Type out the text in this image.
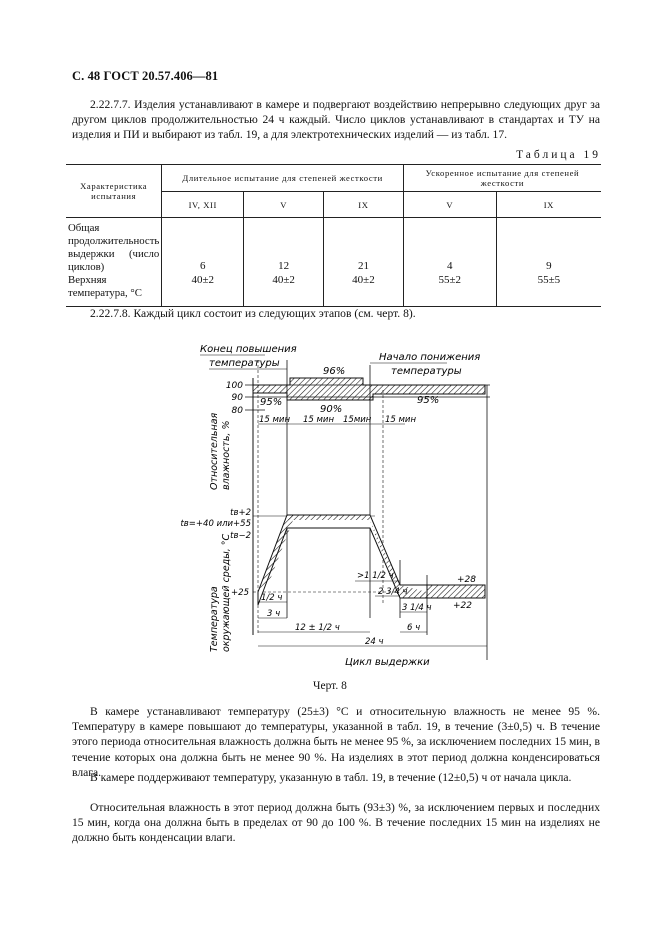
С. 48 ГОСТ 20.57.406—81

2.22.7.7. Изделия устанавливают в камере и подвергают воздействию непрерывно следующих друг за другом циклов продолжительностью 24 ч каждый. Число циклов устанавливают в стандартах и ТУ на изделия и ПИ и выбирают из табл. 19, а для электротехнических изделий — из табл. 17.

Таблица 19
Характеристика испытания	Длительное испытание для степеней жесткости			Ускоренное испытание для степеней жесткости	
	IV, XII	V	IX	V	IX
Общая продолжительность выдержки (число циклов)	6	12	21	4	9
Верхняя температура, °С	40±2	40±2	40±2	55±2	55±5

2.22.7.8. Каждый цикл состоит из следующих этапов (см. черт. 8).

100
90
80
96%
95%
90%
95%
15 мин 15 мин 15мин 15 мин
Конец повышения
температуры
Начало понижения
температуры
Относительная влажность, %
Температура окружающей среды, °С
tв+2
tв=+40 или+55
tв−2
+25
+28
+22
1/2 ч
3 ч
>1 1/2 ч
2 3/4 ч
3 1/4 ч
12 ± 1/2 ч	6 ч
24 ч
Цикл выдержки
Черт. 8

В камере устанавливают температуру (25±3) °С и относительную влажность не менее 95 %. Температуру в камере повышают до температуры, указанной в табл. 19, в течение (3±0,5) ч. В течение этого периода относительная влажность должна быть не менее 95 %, за исключением последних 15 мин, в течение которых она должна быть не менее 90 %. На изделиях в этот период должна конденсироваться влага.

В камере поддерживают температуру, указанную в табл. 19, в течение (12±0,5) ч от начала цикла.

Относительная влажность в этот период должна быть (93±3) %, за исключением первых и последних 15 мин, когда она должна быть в пределах от 90 до 100 %. В течение последних 15 мин на изделиях не должно быть конденсации влаги.
